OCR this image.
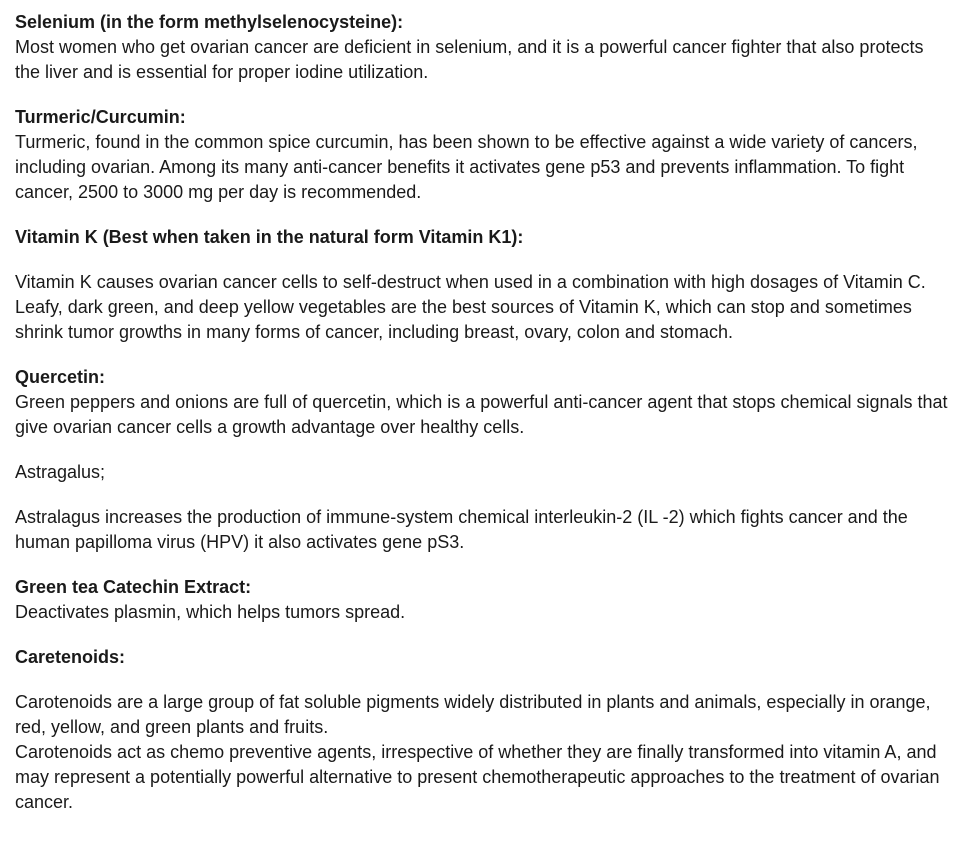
Selenium (in the form methylselenocysteine):

Most women who get ovarian cancer are deficient in selenium, and it is a powerful cancer fighter that also protects the liver and is essential for proper iodine utilization.

Turmeric/Curcumin:

Turmeric, found in the common spice curcumin, has been shown to be effective against a wide variety of cancers, including ovarian. Among its many anti-cancer benefits it activates gene p53 and prevents inflammation. To fight cancer, 2500 to 3000 mg per day is recommended.

Vitamin K (Best when taken in the natural form Vitamin K1):

Vitamin K causes ovarian cancer cells to self-destruct when used in a combination with high dosages of Vitamin C.

Leafy, dark green, and deep yellow vegetables are the best sources of Vitamin K, which can stop and sometimes shrink tumor growths in many forms of cancer, including breast, ovary, colon and stomach.

Quercetin:

Green peppers and onions are full of quercetin, which is a powerful anti-cancer agent that stops chemical signals that give ovarian cancer cells a growth advantage over healthy cells.

Astragalus;

Astralagus increases the production of immune-system chemical interleukin-2 (IL -2) which fights cancer and the human papilloma virus (HPV) it also activates gene pS3.

Green tea Catechin Extract:

Deactivates plasmin, which helps tumors spread.

Caretenoids:

Carotenoids are a large group of fat soluble pigments widely distributed in plants and animals, especially in orange, red, yellow, and green plants and fruits.

Carotenoids act as chemo preventive agents, irrespective of whether they are finally transformed into vitamin A, and may represent a potentially powerful alternative to present chemotherapeutic approaches to the treatment of ovarian cancer.
